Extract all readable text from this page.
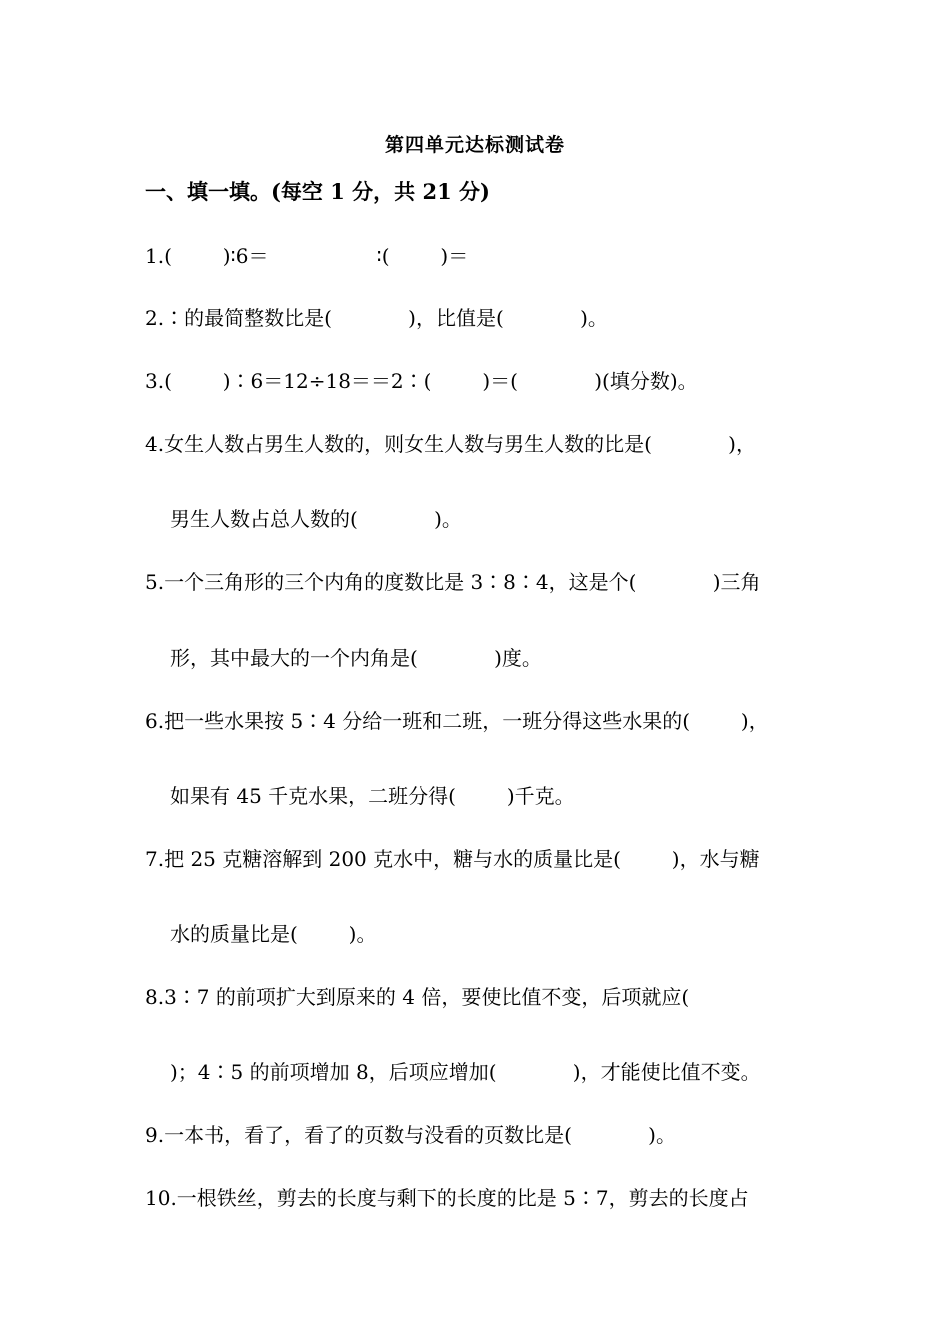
第四单元达标测试卷
一、填一填。(每空 1 分，共 21 分)
1.(        )∶6＝                 ∶(        )＝
2.∶的最简整数比是(            )，比值是(            )。
3.(        )∶6＝12÷18＝＝2∶(        )＝(            )(填分数)。
4.女生人数占男生人数的，则女生人数与男生人数的比是(            )，
男生人数占总人数的(            )。
5.一个三角形的三个内角的度数比是 3∶8∶4，这是个(            )三角
形，其中最大的一个内角是(            )度。
6.把一些水果按 5∶4 分给一班和二班，一班分得这些水果的(        )，
如果有 45 千克水果，二班分得(        )千克。
7.把 25 克糖溶解到 200 克水中，糖与水的质量比是(        )，水与糖
水的质量比是(        )。
8.3∶7 的前项扩大到原来的 4 倍，要使比值不变，后项就应(
)；4∶5 的前项增加 8，后项应增加(            )，才能使比值不变。
9.一本书，看了，看了的页数与没看的页数比是(            )。
10.一根铁丝，剪去的长度与剩下的长度的比是 5∶7，剪去的长度占
